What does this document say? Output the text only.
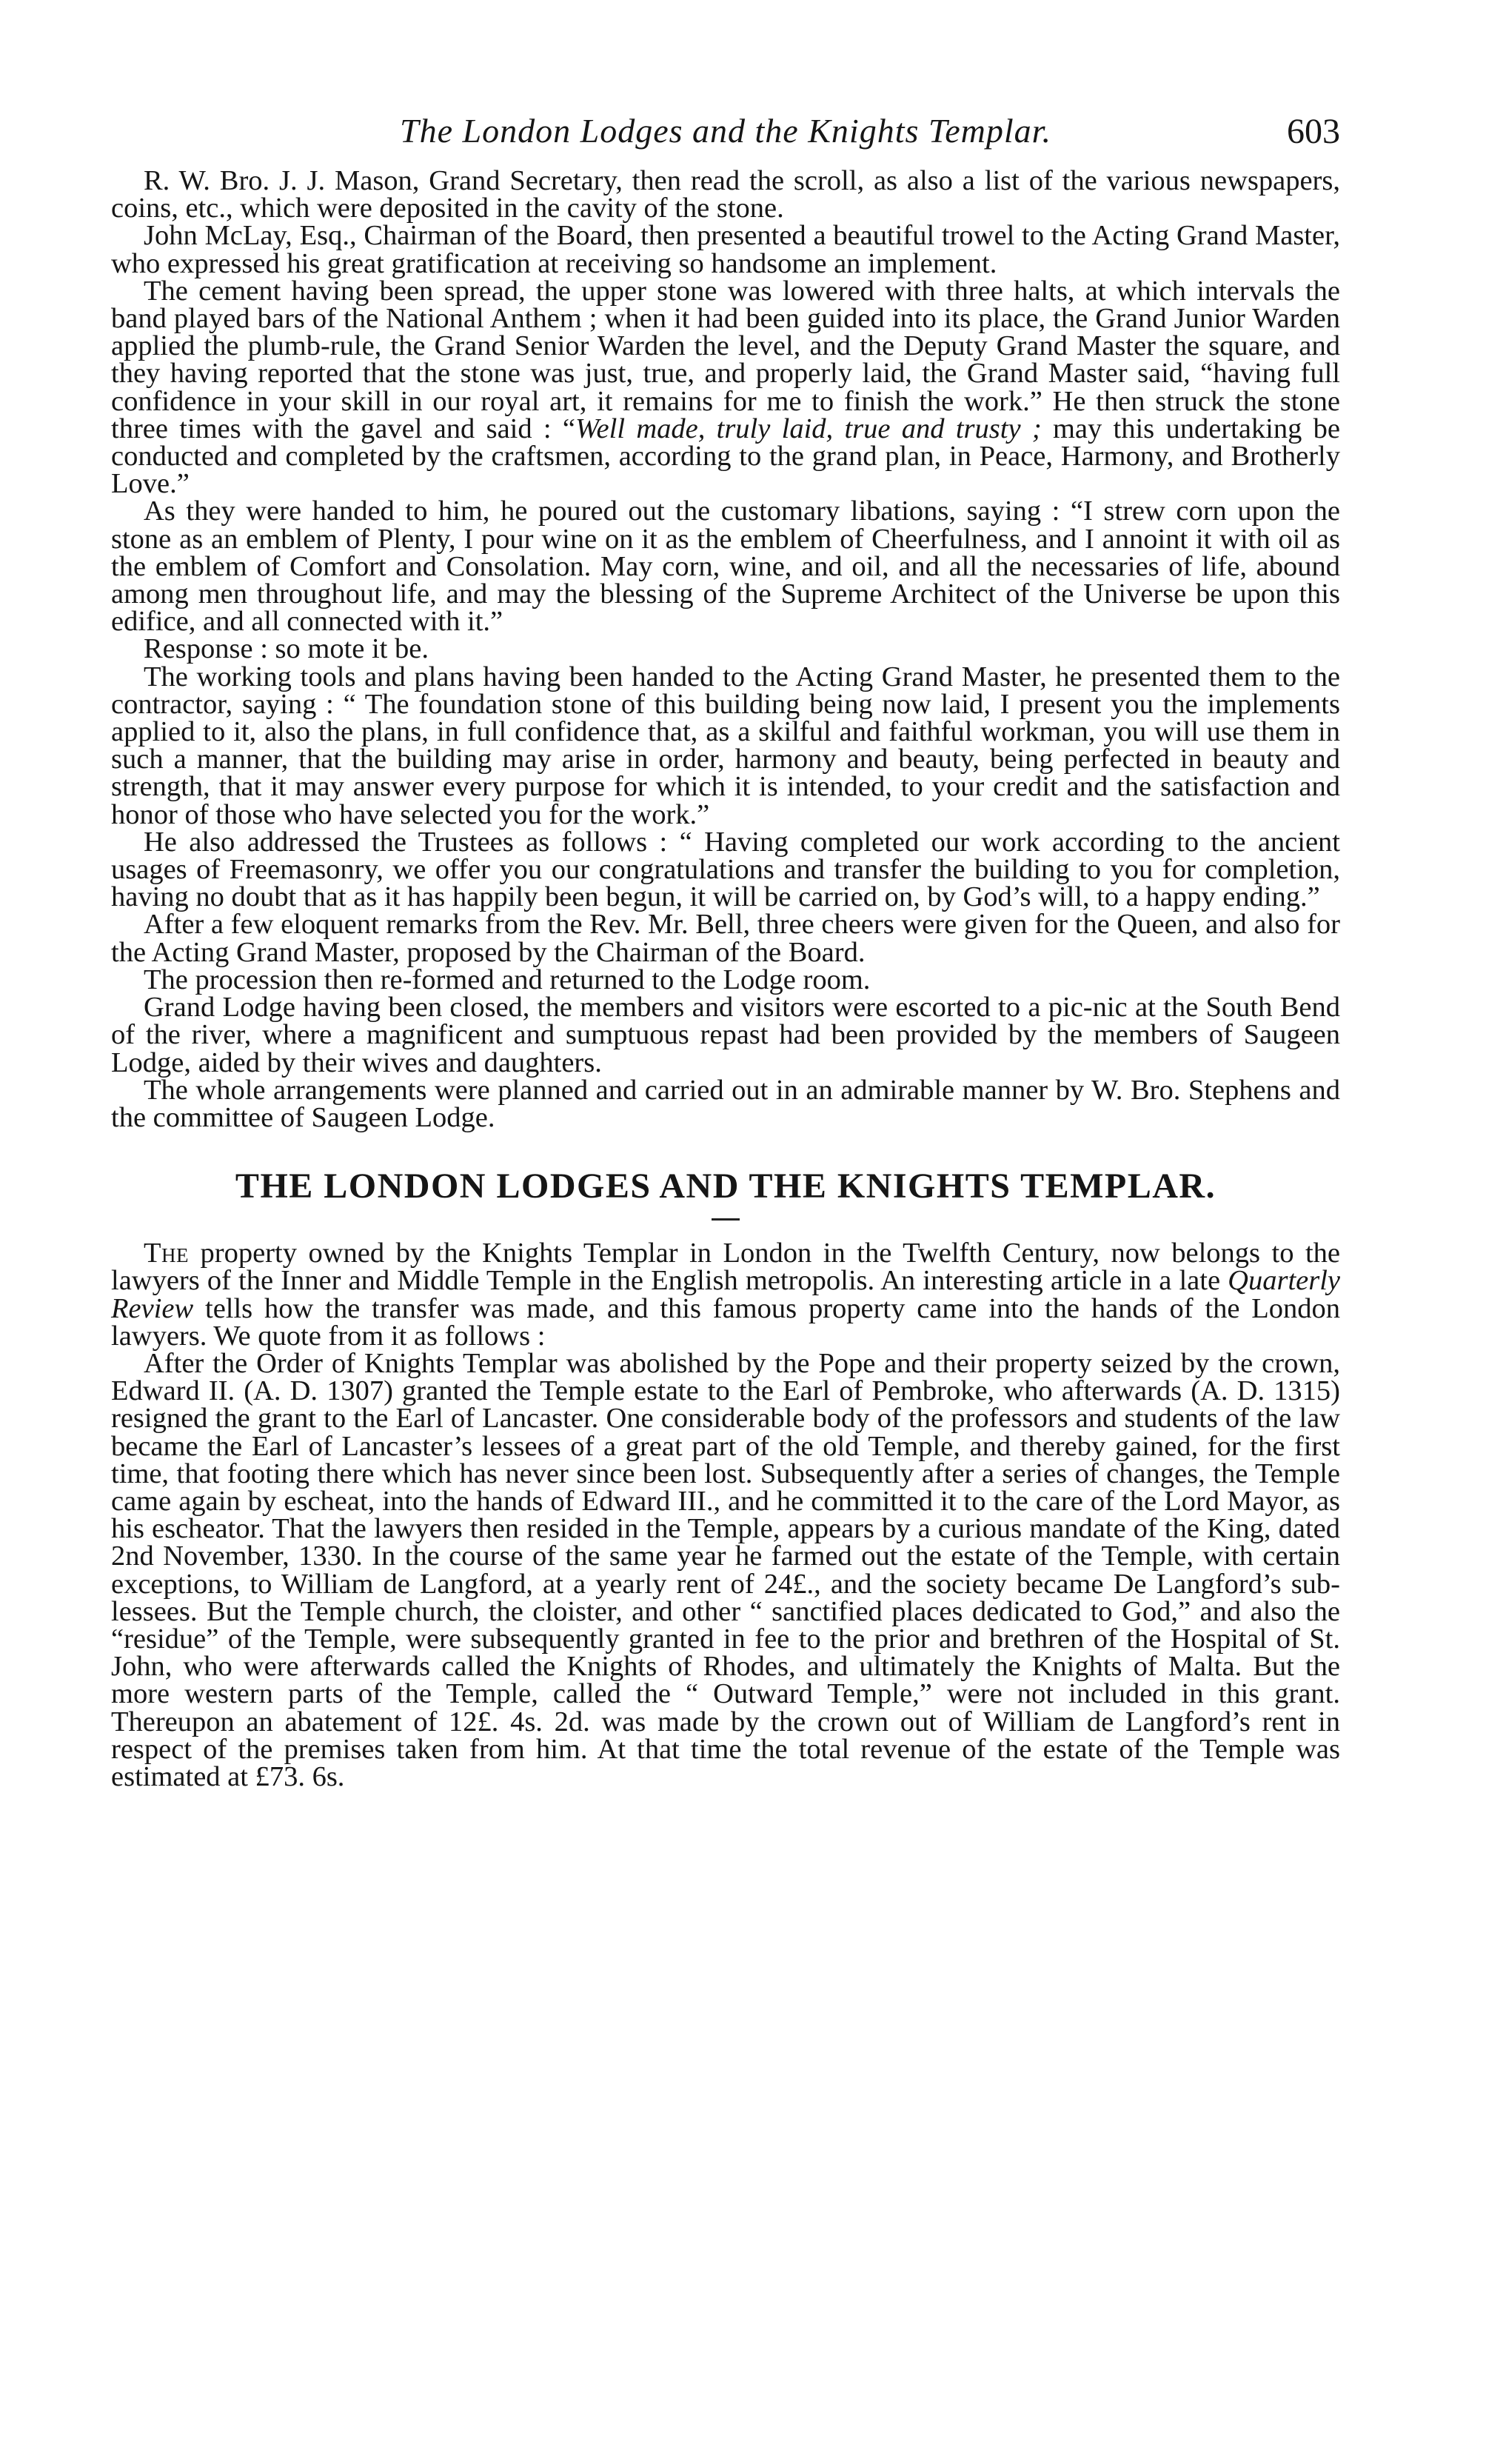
The London Lodges and the Knights Templar.	603

R. W. Bro. J. J. Mason, Grand Secretary, then read the scroll, as also a list of the various newspapers, coins, etc., which were deposited in the cavity of the stone.

John McLay, Esq., Chairman of the Board, then presented a beautiful trowel to the Acting Grand Master, who expressed his great gratification at receiving so handsome an implement.

The cement having been spread, the upper stone was lowered with three halts, at which intervals the band played bars of the National Anthem ; when it had been guided into its place, the Grand Junior Warden applied the plumb-rule, the Grand Senior Warden the level, and the Deputy Grand Master the square, and they having reported that the stone was just, true, and properly laid, the Grand Master said, “having full confidence in your skill in our royal art, it remains for me to finish the work.” He then struck the stone three times with the gavel and said : “Well made, truly laid, true and trusty ; may this undertaking be conducted and completed by the craftsmen, according to the grand plan, in Peace, Harmony, and Brotherly Love.”

As they were handed to him, he poured out the customary libations, saying : “I strew corn upon the stone as an emblem of Plenty, I pour wine on it as the emblem of Cheerfulness, and I annoint it with oil as the emblem of Comfort and Consolation. May corn, wine, and oil, and all the necessaries of life, abound among men throughout life, and may the blessing of the Supreme Architect of the Universe be upon this edifice, and all connected with it.”

Response : so mote it be.

The working tools and plans having been handed to the Acting Grand Master, he presented them to the contractor, saying : “ The foundation stone of this building being now laid, I present you the implements applied to it, also the plans, in full confidence that, as a skilful and faithful workman, you will use them in such a manner, that the building may arise in order, harmony and beauty, being perfected in beauty and strength, that it may answer every purpose for which it is intended, to your credit and the satisfaction and honor of those who have selected you for the work.”

He also addressed the Trustees as follows : “ Having completed our work according to the ancient usages of Freemasonry, we offer you our congratulations and transfer the building to you for completion, having no doubt that as it has happily been begun, it will be carried on, by God’s will, to a happy ending.”

After a few eloquent remarks from the Rev. Mr. Bell, three cheers were given for the Queen, and also for the Acting Grand Master, proposed by the Chairman of the Board.

The procession then re-formed and returned to the Lodge room.

Grand Lodge having been closed, the members and visitors were escorted to a pic-nic at the South Bend of the river, where a magnificent and sumptuous repast had been provided by the members of Saugeen Lodge, aided by their wives and daughters.

The whole arrangements were planned and carried out in an admirable manner by W. Bro. Stephens and the committee of Saugeen Lodge.

THE LONDON LODGES AND THE KNIGHTS TEMPLAR.

The property owned by the Knights Templar in London in the Twelfth Century, now belongs to the lawyers of the Inner and Middle Temple in the English metropolis. An interesting article in a late Quarterly Review tells how the transfer was made, and this famous property came into the hands of the London lawyers. We quote from it as follows :

After the Order of Knights Templar was abolished by the Pope and their property seized by the crown, Edward II. (A. D. 1307) granted the Temple estate to the Earl of Pembroke, who afterwards (A. D. 1315) resigned the grant to the Earl of Lancaster. One considerable body of the professors and students of the law became the Earl of Lancaster’s lessees of a great part of the old Temple, and thereby gained, for the first time, that footing there which has never since been lost. Subsequently after a series of changes, the Temple came again by escheat, into the hands of Edward III., and he committed it to the care of the Lord Mayor, as his escheator. That the lawyers then resided in the Temple, appears by a curious mandate of the King, dated 2nd November, 1330. In the course of the same year he farmed out the estate of the Temple, with certain exceptions, to William de Langford, at a yearly rent of 24£., and the society became De Langford’s sub-lessees. But the Temple church, the cloister, and other “ sanctified places dedicated to God,” and also the “residue” of the Temple, were subsequently granted in fee to the prior and brethren of the Hospital of St. John, who were afterwards called the Knights of Rhodes, and ultimately the Knights of Malta. But the more western parts of the Temple, called the “ Outward Temple,” were not included in this grant. Thereupon an abatement of 12£. 4s. 2d. was made by the crown out of William de Langford’s rent in respect of the premises taken from him. At that time the total revenue of the estate of the Temple was estimated at £73. 6s.
